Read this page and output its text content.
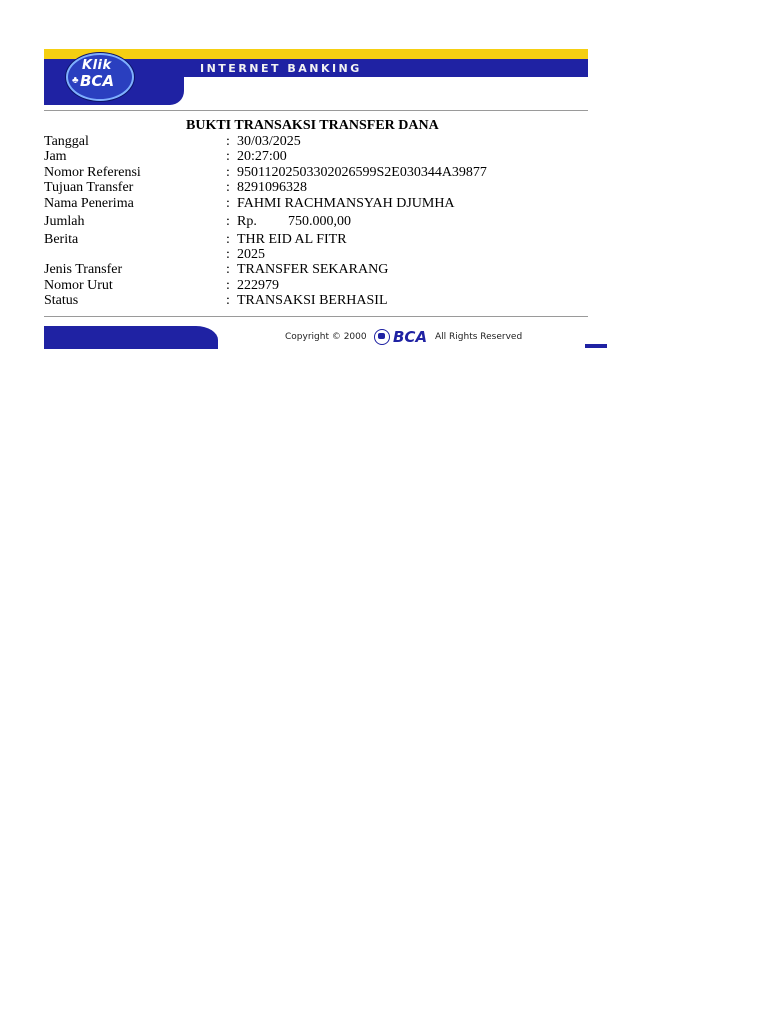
INTERNET BANKING
Klik
♣ BCA
BUKTI TRANSAKSI TRANSFER DANA
Tanggal	: 30/03/2025
Jam	: 20:27:00
Nomor Referensi	: 95011202503302026599S2E030344A39877
Tujuan Transfer	: 8291096328
Nama Penerima	: FAHMI RACHMANSYAH DJUMHA
Jumlah	: Rp. 750.000,00
Berita	: THR EID AL FITR
: 2025
Jenis Transfer	: TRANSFER SEKARANG
Nomor Urut	: 222979
Status	: TRANSAKSI BERHASIL
Copyright © 2000 BCA All Rights Reserved
